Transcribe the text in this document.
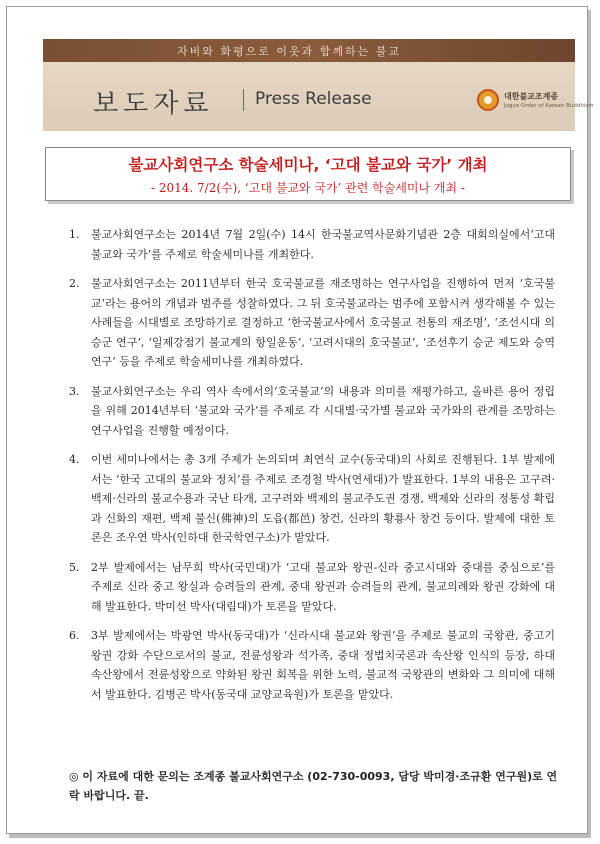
자비와 화평으로 이웃과 함께하는 불교
보도자료 Press Release	대한불교조계종
Jogye Order of Korean Buddhism
불교사회연구소 학술세미나, ‘고대 불교와 국가’ 개최
- 2014. 7/2(수), ‘고대 불교와 국가’ 관련 학술세미나 개최 -
1. 불교사회연구소는 2014년 7월 2일(수) 14시 한국불교역사문화기념관 2층 대회의실에서‘고대 불교와 국가’를 주제로 학술세미나를 개최한다.
2. 불교사회연구소는 2011년부터 한국 호국불교를 재조명하는 연구사업을 진행하여 먼저 ‘호국불교’라는 용어의 개념과 범주를 성찰하였다. 그 뒤 호국불교라는 범주에 포함시켜 생각해볼 수 있는 사례들을 시대별로 조망하기로 결정하고 ‘한국불교사에서 호국불교 전통의 재조명’, ‘조선시대 의승군 연구’, ‘일제강점기 불교계의 항일운동’, ‘고려시대의 호국불교’, ‘조선후기 승군 제도와 승역 연구’ 등을 주제로 학술세미나를 개최하였다.
3. 불교사회연구소는 우리 역사 속에서의‘호국불교’의 내용과 의미를 재평가하고, 올바른 용어 정립을 위해 2014년부터 ‘불교와 국가’를 주제로 각 시대별·국가별 불교와 국가와의 관계를 조망하는 연구사업을 진행할 예정이다.
4. 이번 세미나에서는 총 3개 주제가 논의되며 최연식 교수(동국대)의 사회로 진행된다. 1부 발제에서는 ‘한국 고대의 불교와 정치’를 주제로 조경철 박사(연세대)가 발표한다. 1부의 내용은 고구려·백제·신라의 불교수용과 국난 타개, 고구려와 백제의 불교주도권 경쟁, 백제와 신라의 정통성 확립과 신화의 재편, 백제 불신(佛神)의 도읍(都邑) 창건, 신라의 황룡사 창건 등이다. 발제에 대한 토론은 조우연 박사(인하대 한국학연구소)가 맡았다.
5. 2부 발제에서는 남무희 박사(국민대)가 ‘고대 불교와 왕권-신라 중고시대와 중대를 중심으로’를 주제로 신라 중고 왕실과 승려들의 관계, 중대 왕권과 승려들의 관계, 불교의례와 왕권 강화에 대해 발표한다. 박미선 박사(대림대)가 토론을 맡았다.
6. 3부 발제에서는 박광연 박사(동국대)가 ‘신라시대 불교와 왕권’을 주제로 불교의 국왕관, 중고기 왕권 강화 수단으로서의 불교, 전륜성왕과 석가족, 중대 정법치국론과 속산왕 인식의 등장, 하대 속산왕에서 전륜성왕으로 약화된 왕권 회복을 위한 노력, 불교적 국왕관의 변화와 그 의미에 대해서 발표한다. 김병곤 박사(동국대 교양교육원)가 토론을 맡았다.
◎ 이 자료에 대한 문의는 조계종 불교사회연구소 (02-730-0093, 담당 박미경·조규환 연구원)로 연락 바랍니다. 끝.
